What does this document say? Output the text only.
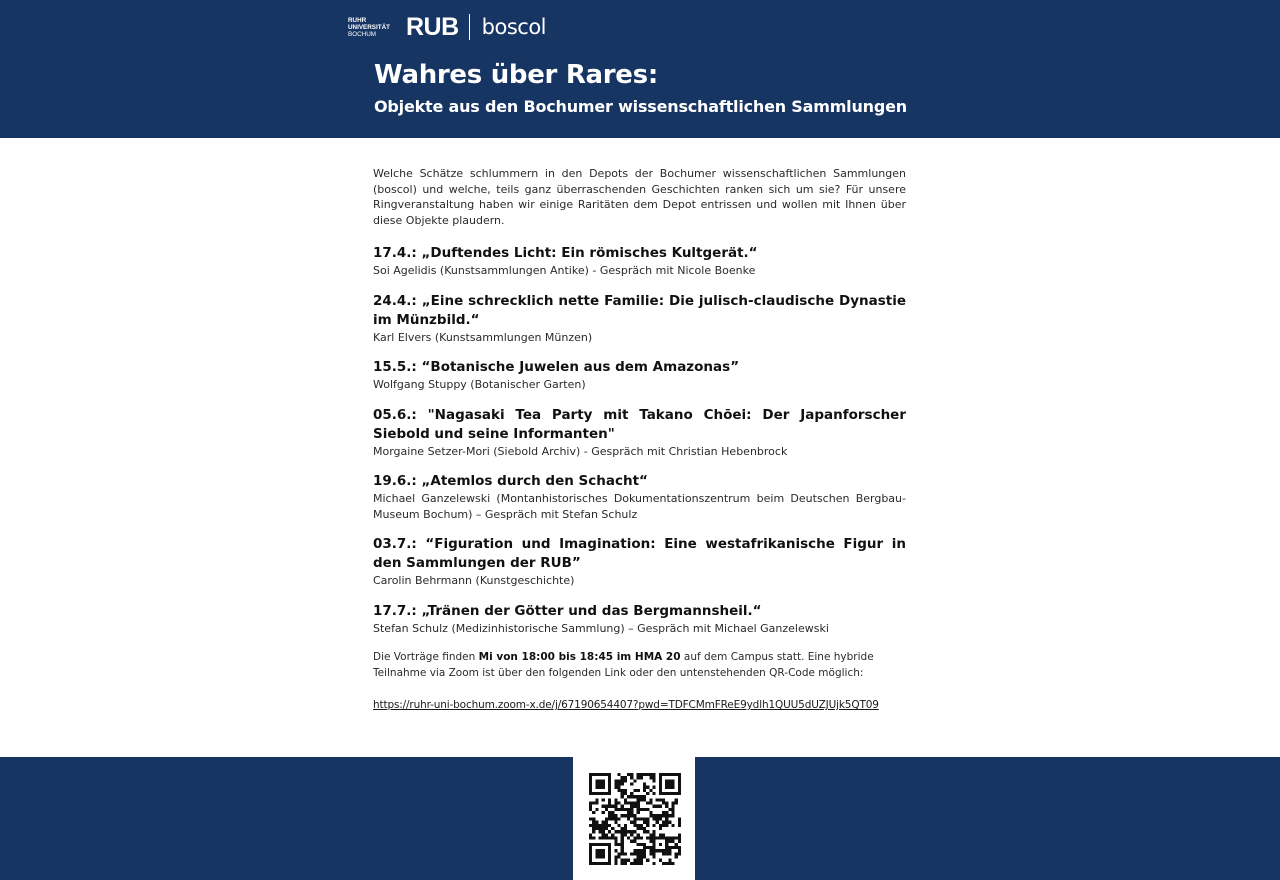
RUHR
UNIVERSITÄT
BOCHUM	RUB boscol
Wahres über Rares:
Objekte aus den Bochumer wissenschaftlichen Sammlungen

Welche Schätze schlummern in den Depots der Bochumer wissenschaftlichen Sammlungen (boscol) und welche, teils ganz überraschenden Geschichten ranken sich um sie? Für unsere Ringveranstaltung haben wir einige Raritäten dem Depot entrissen und wollen mit Ihnen über diese Objekte plaudern.

17.4.: „Duftendes Licht: Ein römisches Kultgerät.“

Soi Agelidis (Kunstsammlungen Antike) - Gespräch mit Nicole Boenke

24.4.: „Eine schrecklich nette Familie: Die julisch-claudische Dynastie im Münzbild.“

Karl Elvers (Kunstsammlungen Münzen)

15.5.: “Botanische Juwelen aus dem Amazonas”

Wolfgang Stuppy (Botanischer Garten)

05.6.: "Nagasaki Tea Party mit Takano Chōei: Der Japanforscher Siebold und seine Informanten"

Morgaine Setzer-Mori (Siebold Archiv) - Gespräch mit Christian Hebenbrock

19.6.: „Atemlos durch den Schacht“

Michael Ganzelewski (Montanhistorisches Dokumentationszentrum beim Deutschen Bergbau-Museum Bochum) – Gespräch mit Stefan Schulz

03.7.: “Figuration und Imagination: Eine westafrikanische Figur in den Sammlungen der RUB”

Carolin Behrmann (Kunstgeschichte)

17.7.: „Tränen der Götter und das Bergmannsheil.“

Stefan Schulz (Medizinhistorische Sammlung) – Gespräch mit Michael Ganzelewski

Die Vorträge finden Mi von 18:00 bis 18:45 im HMA 20 auf dem Campus statt. Eine hybride Teilnahme via Zoom ist über den folgenden Link oder den untenstehenden QR-Code möglich:

https://ruhr-uni-bochum.zoom-x.de/j/67190654407?pwd=TDFCMmFReE9ydlh1QUU5dUZJUjk5QT09
